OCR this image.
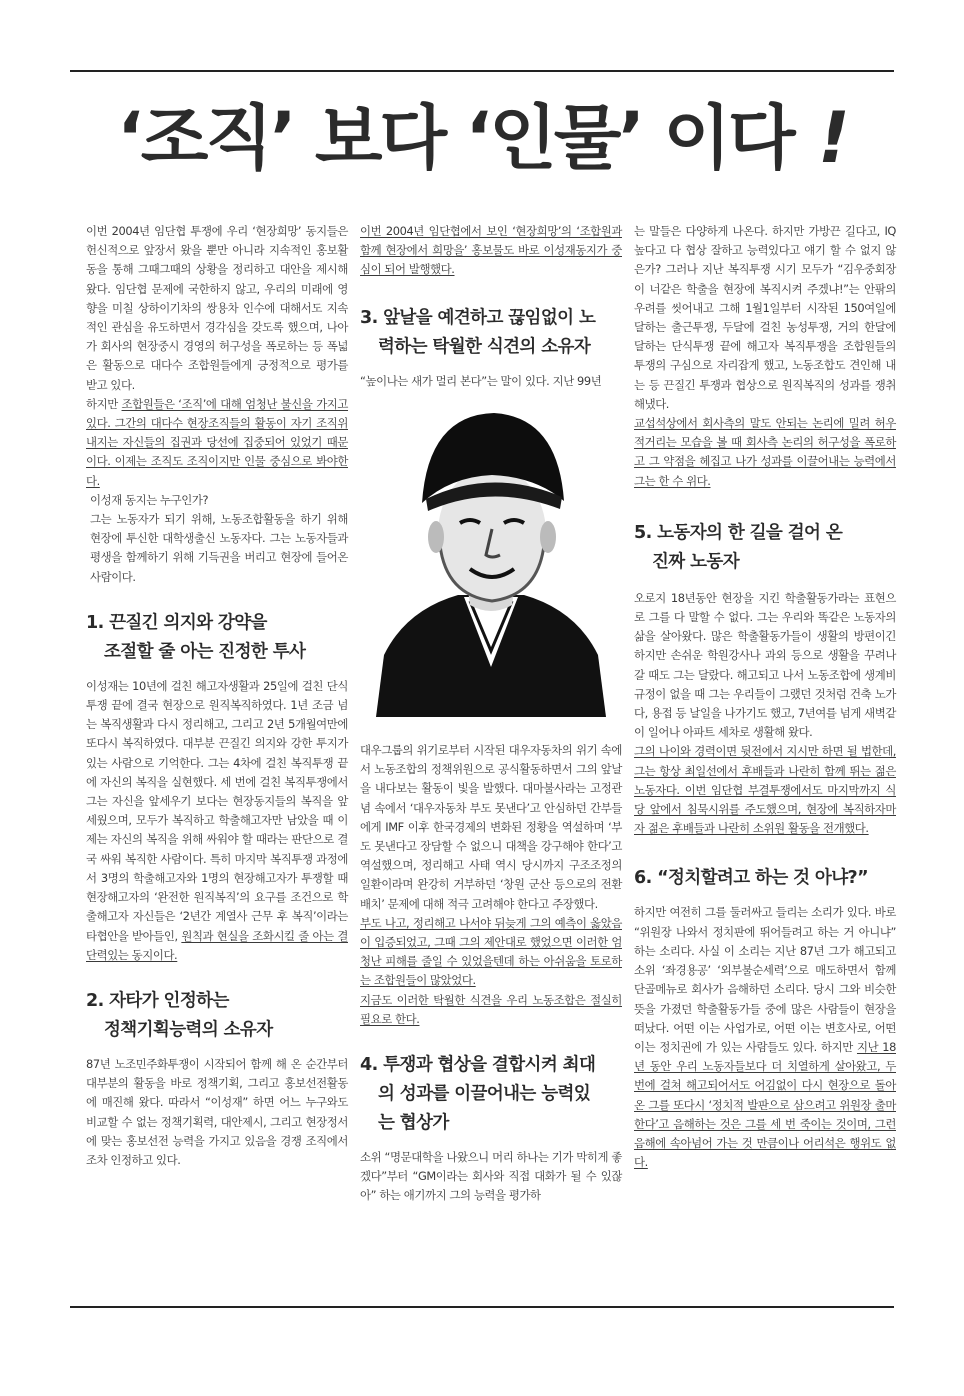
‘조직’ 보다 ‘인물’ 이다 !

이번 2004년 임단협 투쟁에 우리 ‘현장희망’ 동지들은 헌신적으로 앞장서 왔을 뿐만 아니라 지속적인 홍보활동을 통해 그때그때의 상황을 정리하고 대안을 제시해 왔다. 임단협 문제에 국한하지 않고, 우리의 미래에 영향을 미칠 상하이기차의 쌍용차 인수에 대해서도 지속적인 관심을 유도하면서 경각심을 갖도록 했으며, 나아가 회사의 현장중시 경영의 허구성을 폭로하는 등 폭넓은 활동으로 대다수 조합원들에게 긍정적으로 평가를 받고 있다.

하지만 조합원들은 ‘조직’에 대해 엄청난 불신을 가지고 있다. 그간의 대다수 현장조직들의 활동이 자기 조직위 내지는 자신들의 집권과 당선에 집중되어 있었기 때문이다. 이제는 조직도 조직이지만 인물 중심으로 봐야한다.

이성재 동지는 누구인가?

그는 노동자가 되기 위해, 노동조합활동을 하기 위해 현장에 투신한 대학생출신 노동자다. 그는 노동자들과 평생을 함께하기 위해 기득권을 버리고 현장에 들어온 사람이다.

1. 끈질긴 의지와 강약을
조절할 줄 아는 진정한 투사

이성재는 10년에 걸친 해고자생활과 25일에 걸친 단식투쟁 끝에 결국 현장으로 원직복직하였다. 1년 조금 넘는 복직생활과 다시 정리해고, 그리고 2년 5개월여만에 또다시 복직하였다. 대부분 끈질긴 의지와 강한 투지가 있는 사람으로 기억한다. 그는 4차에 걸친 복직투쟁 끝에 자신의 복직을 실현했다. 세 번에 걸친 복직투쟁에서 그는 자신을 앞세우기 보다는 현장동지들의 복직을 앞세웠으며, 모두가 복직하고 학출해고자만 남았을 때 이제는 자신의 복직을 위해 싸워야 할 때라는 판단으로 결국 싸워 복직한 사람이다. 특히 마지막 복직투쟁 과정에서 3명의 학출해고자와 1명의 현장해고자가 투쟁할 때 현장해고자의 ‘완전한 원직복직’의 요구를 조건으로 학출해고자 자신들은 ‘2년간 계열사 근무 후 복직’이라는 타협안을 받아들인, 원칙과 현실을 조화시킬 줄 아는 결단력있는 동지이다.

2. 자타가 인정하는
정책기획능력의 소유자

87년 노조민주화투쟁이 시작되어 함께 해 온 순간부터 대부분의 활동을 바로 정책기획, 그리고 홍보선전활동에 매진해 왔다. 따라서 “이성재” 하면 어느 누구와도 비교할 수 없는 정책기획력, 대안제시, 그리고 현장정서에 맞는 홍보선전 능력을 가지고 있음을 경쟁 조직에서조차 인정하고 있다.

이번 2004년 임단협에서 보인 ‘현장희망’의 ‘조합원과 함께 현장에서 희망을’ 홍보물도 바로 이성재동지가 중심이 되어 발행했다.

3. 앞날을 예견하고 끊임없이 노
력하는 탁월한 식견의 소유자

“높이나는 새가 멀리 본다”는 말이 있다. 지난 99년

대우그룹의 위기로부터 시작된 대우자동차의 위기 속에서 노동조합의 정책위원으로 공식활동하면서 그의 앞날을 내다보는 활동이 빛을 발했다. 대마불사라는 고정관념 속에서 ‘대우자동차 부도 못낸다’고 안심하던 간부들에게 IMF 이후 한국경제의 변화된 정황을 역설하며 ‘부도 못낸다고 장담할 수 없으니 대책을 강구해야 한다’고 역설했으며, 정리해고 사태 역시 당시까지 구조조정의 일환이라며 완강히 거부하던 ‘창원 군산 등으로의 전환배치’ 문제에 대해 적극 고려해야 한다고 주장했다.

부도 나고, 정리해고 나서야 뒤늦게 그의 예측이 옳았음이 입증되었고, 그때 그의 제안대로 했었으면 이러한 엄청난 피해를 줄일 수 있었을텐데 하는 아쉬움을 토로하는 조합원들이 많았었다.

지금도 이러한 탁월한 식견을 우리 노동조합은 절실히 필요로 한다.

4. 투쟁과 협상을 결합시켜 최대
의 성과를 이끌어내는 능력있
는 협상가

소위 “명문대학을 나왔으니 머리 하나는 기가 막히게 좋겠다”부터 “GM이라는 회사와 직접 대화가 될 수 있잖아” 하는 애기까지 그의 능력을 평가하

는 말들은 다양하게 나온다. 하지만 가방끈 길다고, IQ 높다고 다 협상 잘하고 능력있다고 얘기 할 수 없지 않은가? 그러나 지난 복직투쟁 시기 모두가 “김우중회장이 너같은 학출을 현장에 복직시켜 주겠냐!”는 안팎의 우려를 씻어내고 그해 1월1일부터 시작된 150여일에 달하는 출근투쟁, 두달에 걸친 농성투쟁, 거의 한달에 달하는 단식투쟁 끝에 해고자 복직투쟁을 조합원들의 투쟁의 구심으로 자리잡게 했고, 노동조합도 견인해 내는 등 끈질긴 투쟁과 협상으로 원직복직의 성과를 쟁취해냈다.

교섭석상에서 회사측의 말도 안되는 논리에 밀려 허우적거리는 모습을 볼 때 회사측 논리의 허구성을 폭로하고 그 약점을 헤집고 나가 성과를 이끌어내는 능력에서 그는 한 수 위다.

5. 노동자의 한 길을 걸어 온
진짜 노동자

오로지 18년동안 현장을 지킨 학출활동가라는 표현으로 그를 다 말할 수 없다. 그는 우리와 똑같은 노동자의 삶을 살아왔다. 많은 학출활동가들이 생활의 방편이긴 하지만 손쉬운 학원강사나 과외 등으로 생활을 꾸려나갈 때도 그는 달랐다. 해고되고 나서 노동조합에 생계비 규정이 없을 때 그는 우리들이 그랬던 것처럼 건축 노가다, 용접 등 날일을 나가기도 했고, 7년여를 넘게 새벽같이 일어나 아파트 세차로 생활해 왔다.

그의 나이와 경력이면 뒷전에서 지시만 하면 될 법한데, 그는 항상 최일선에서 후배들과 나란히 함께 뛰는 젊은 노동자다. 이번 임단협 부결투쟁에서도 마지막까지 식당 앞에서 침묵시위를 주도했으며, 현장에 복직하자마자 젊은 후배들과 나란히 소위원 활동을 전개했다.

6. “정치할려고 하는 것 아냐?”

하지만 여전히 그를 둘러싸고 들리는 소리가 있다. 바로 “위원장 나와서 정치판에 뛰어들려고 하는 거 아니냐” 하는 소리다. 사실 이 소리는 지난 87년 그가 해고되고 소위 ‘좌경용공’ ‘외부불순세력’으로 매도하면서 함께 단골메뉴로 회사가 음해하던 소리다. 당시 그와 비슷한 뜻을 가졌던 학출활동가들 중에 많은 사람들이 현장을 떠났다. 어떤 이는 사업가로, 어떤 이는 변호사로, 어떤 이는 정치권에 가 있는 사람들도 있다. 하지만 지난 18년 동안 우리 노동자들보다 더 치열하게 살아왔고, 두 번에 걸쳐 해고되어서도 어김없이 다시 현장으로 돌아온 그를 또다시 ‘정치적 발판으로 삼으려고 위원장 출마한다’고 음해하는 것은 그를 세 번 죽이는 것이며, 그런 음해에 속아넘어 가는 것 만큼이나 어리석은 행위도 없다.
